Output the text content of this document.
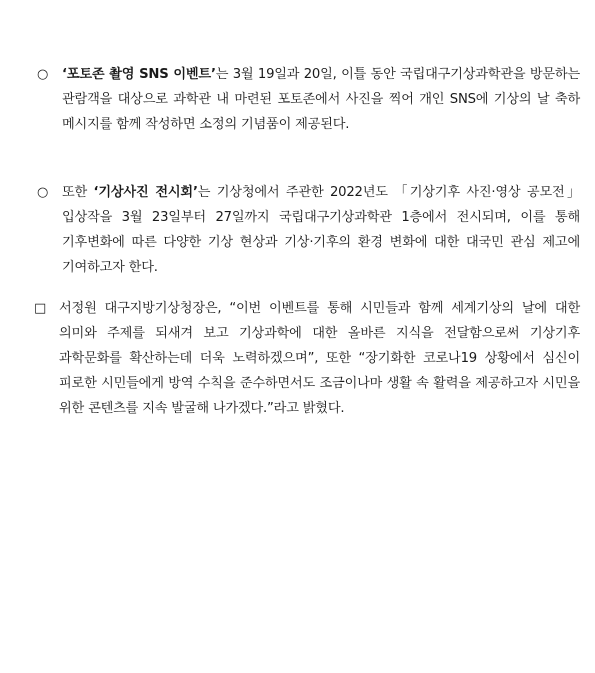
○ ‘포토존 촬영 SNS 이벤트’는 3월 19일과 20일, 이틀 동안 국립대구기상과학관을 방문하는 관람객을 대상으로 과학관 내 마련된 포토존에서 사진을 찍어 개인 SNS에 기상의 날 축하 메시지를 함께 작성하면 소정의 기념품이 제공된다.
○ 또한 ‘기상사진 전시회’는 기상청에서 주관한 2022년도 「기상기후 사진·영상 공모전」 입상작을 3월 23일부터 27일까지 국립대구기상과학관 1층에서 전시되며, 이를 통해 기후변화에 따른 다양한 기상 현상과 기상·기후의 환경 변화에 대한 대국민 관심 제고에 기여하고자 한다.
□ 서정원 대구지방기상청장은, “이번 이벤트를 통해 시민들과 함께 세계기상의 날에 대한 의미와 주제를 되새겨 보고 기상과학에 대한 올바른 지식을 전달함으로써 기상기후 과학문화를 확산하는데 더욱 노력하겠으며”, 또한 “장기화한 코로나19 상황에서 심신이 피로한 시민들에게 방역 수칙을 준수하면서도 조금이나마 생활 속 활력을 제공하고자 시민을 위한 콘텐츠를 지속 발굴해 나가겠다.”라고 밝혔다.
